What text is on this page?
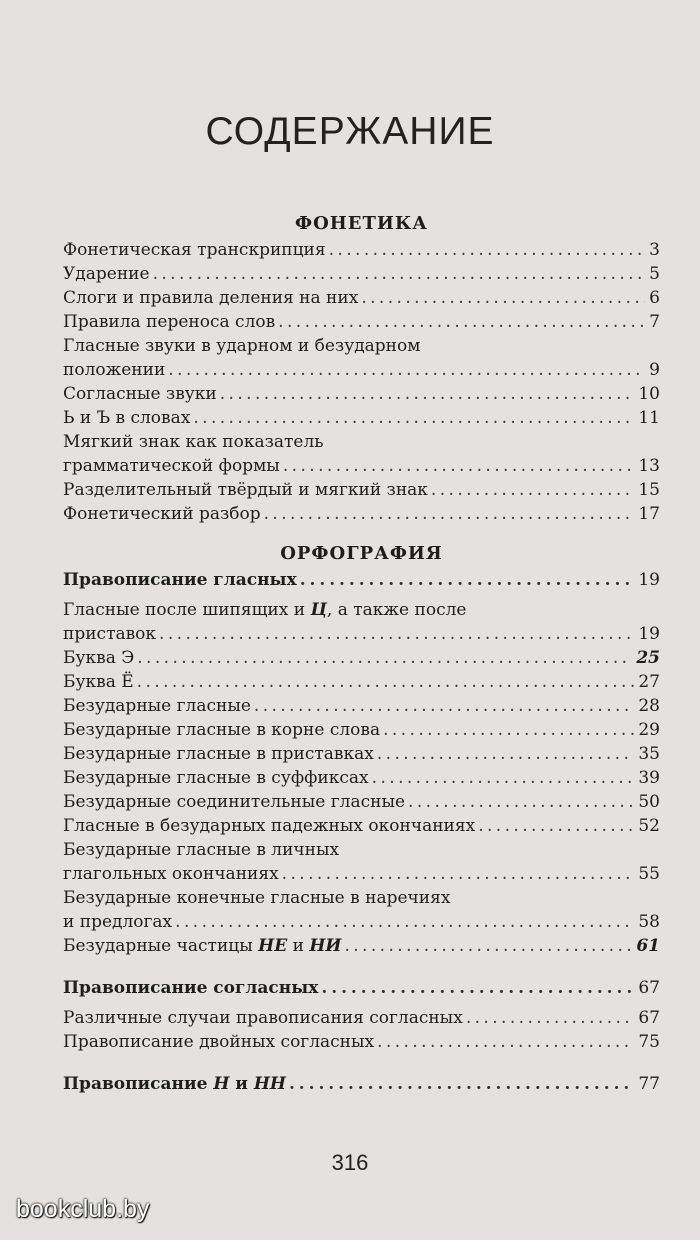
СОДЕРЖАНИЕ
ФОНЕТИКА
Фонетическая транскрипция . . .	3
Ударение . . .	5
Слоги и правила деления на них . . .	6
Правила переноса слов . . .	7
Гласные звуки в ударном и безударном
положении . . .	9
Согласные звуки . . .	10
Ь и Ъ в словах . . .	11
Мягкий знак как показатель
грамматической формы . . .	13
Разделительный твёрдый и мягкий знак . . .	15
Фонетический разбор . . .	17
ОРФОГРАФИЯ
Правописание гласных . . .	19
Гласные после шипящих и Ц, а также после
приставок . . .	19
Буква Э . . .	25
Буква Ё . . .	27
Безударные гласные . . .	28
Безударные гласные в корне слова . . .	29
Безударные гласные в приставках . . .	35
Безударные гласные в суффиксах . . .	39
Безударные соединительные гласные . . .	50
Гласные в безударных падежных окончаниях . . .	52
Безударные гласные в личных
глагольных окончаниях . . .	55
Безударные конечные гласные в наречиях
и предлогах . . .	58
Безударные частицы НЕ и НИ . . .	61
Правописание согласных . . .	67
Различные случаи правописания согласных . . .	67
Правописание двойных согласных . . .	75
Правописание Н и НН . . .	77
316
bookclub.by
